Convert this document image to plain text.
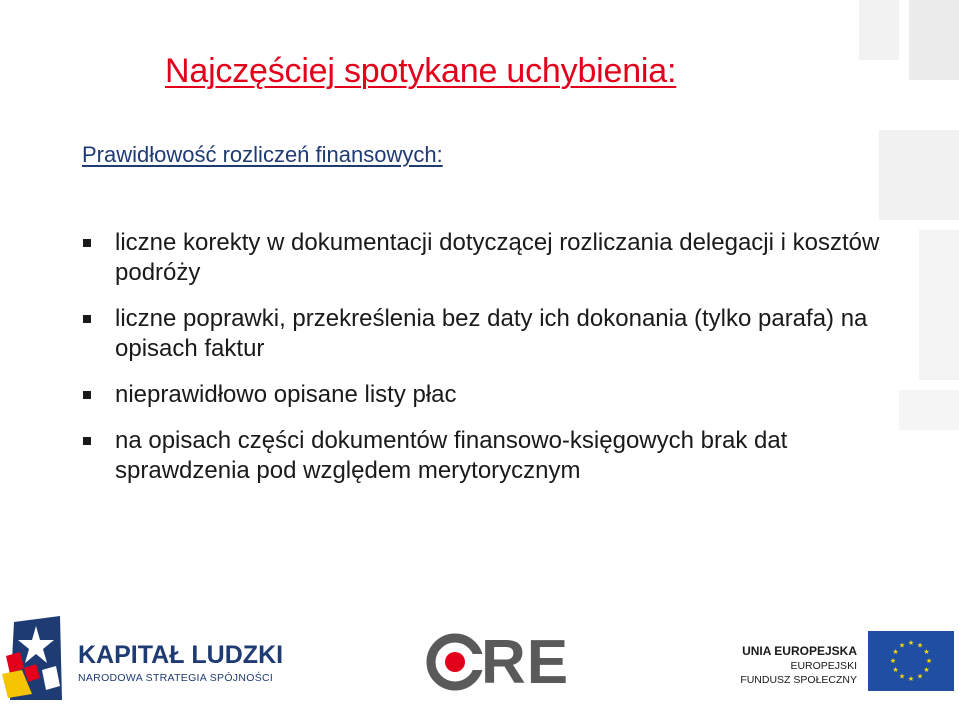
Najczęściej spotykane uchybienia:
Prawidłowość rozliczeń finansowych:
liczne korekty w dokumentacji dotyczącej rozliczania delegacji i kosztów podróży
liczne poprawki, przekreślenia bez daty ich dokonania (tylko parafa) na opisach faktur
nieprawidłowo opisane listy płac
na opisach części dokumentów finansowo-księgowych brak dat sprawdzenia pod względem merytorycznym
KAPITAŁ LUDZKI
NARODOWA STRATEGIA SPÓJNOŚCI	RE	UNIA EUROPEJSKA
EUROPEJSKI
FUNDUSZ SPOŁECZNY
★ ★
★
★
★
★
★
★
★
★
★
★
